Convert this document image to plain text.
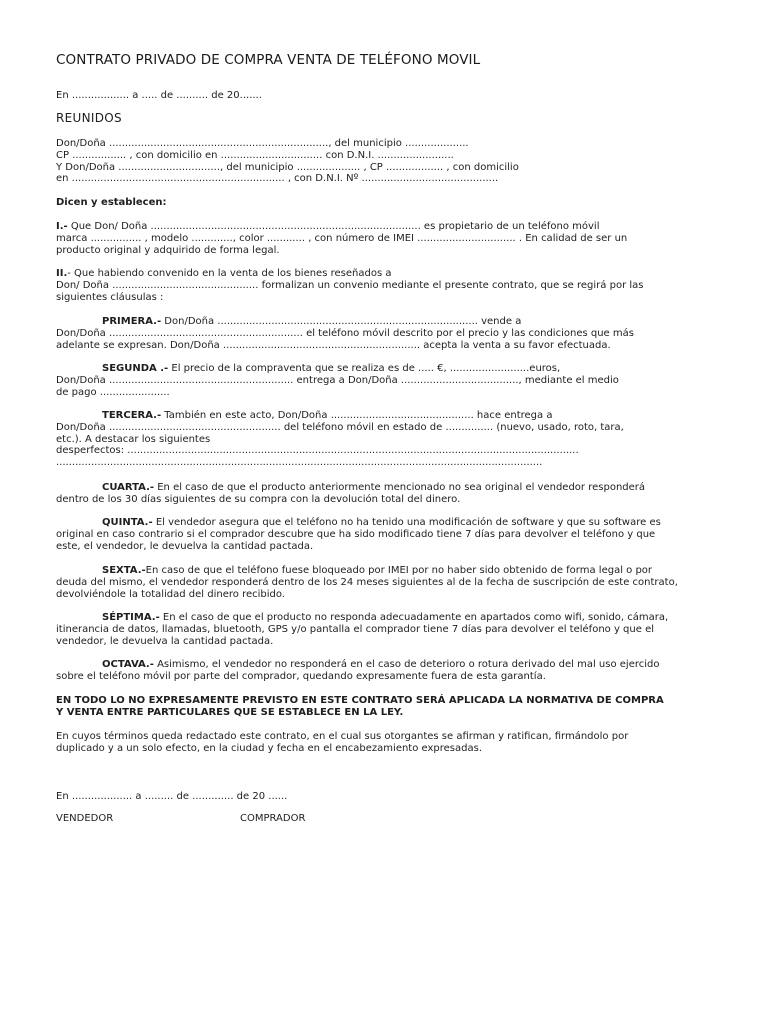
CONTRATO PRIVADO DE COMPRA VENTA DE TELÉFONO MOVIL
En .................. a ..... de .......... de 20.......
REUNIDOS
Don/Doña ....................................................................., del municipio ....................
CP ................. , con domicilio en ................................ con D.N.I. ........................
Y Don/Doña ................................, del municipio .................... , CP .................. , con domicilio
en ................................................................... , con D.N.I. Nº ...........................................
Dicen y establecen:
I.- Que Don/ Doña ..................................................................................... es propietario de un teléfono móvil
marca ................ , modelo ............., color ............ , con número de IMEI ............................... . En calidad de ser un
producto original y adquirido de forma legal.
II.- Que habiendo convenido en la venta de los bienes reseñados a
Don/ Doña .............................................. formalizan un convenio mediante el presente contrato, que se regirá por las
siguientes cláusulas :
PRIMERA.- Don/Doña .................................................................................. vende a
Don/Doña ............................................................. el teléfono móvil descrito por el precio y las condiciones que más
adelante se expresan. Don/Doña .............................................................. acepta la venta a su favor efectuada.
SEGUNDA .- El precio de la compraventa que se realiza es de ..... €, .........................euros,
Don/Doña .......................................................... entrega a Don/Doña ....................................., mediante el medio
de pago ......................
TERCERA.- También en este acto, Don/Doña ............................................. hace entrega a
Don/Doña ...................................................... del teléfono móvil en estado de ............... (nuevo, usado, roto, tara,
etc.). A destacar los siguientes
desperfectos: ..............................................................................................................................................
.........................................................................................................................................................
CUARTA.- En el caso de que el producto anteriormente mencionado no sea original el vendedor responderá
dentro de los 30 días siguientes de su compra con la devolución total del dinero.
QUINTA.- El vendedor asegura que el teléfono no ha tenido una modificación de software y que su software es
original en caso contrario si el comprador descubre que ha sido modificado tiene 7 días para devolver el teléfono y que
este, el vendedor, le devuelva la cantidad pactada.
SEXTA.-En caso de que el teléfono fuese bloqueado por IMEI por no haber sido obtenido de forma legal o por
deuda del mismo, el vendedor responderá dentro de los 24 meses siguientes al de la fecha de suscripción de este contrato,
devolviéndole la totalidad del dinero recibido.
SÉPTIMA.- En el caso de que el producto no responda adecuadamente en apartados como wifi, sonido, cámara,
itinerancia de datos, llamadas, bluetooth, GPS y/o pantalla el comprador tiene 7 días para devolver el teléfono y que el
vendedor, le devuelva la cantidad pactada.
OCTAVA.- Asimismo, el vendedor no responderá en el caso de deterioro o rotura derivado del mal uso ejercido
sobre el teléfono móvil por parte del comprador, quedando expresamente fuera de esta garantía.
EN TODO LO NO EXPRESAMENTE PREVISTO EN ESTE CONTRATO SERÁ APLICADA LA NORMATIVA DE COMPRA
Y VENTA ENTRE PARTICULARES QUE SE ESTABLECE EN LA LEY.
En cuyos términos queda redactado este contrato, en el cual sus otorgantes se afirman y ratifican, firmándolo por
duplicado y a un solo efecto, en la ciudad y fecha en el encabezamiento expresadas.
En ................... a ......... de ............. de 20 ......
VENDEDOR	COMPRADOR
